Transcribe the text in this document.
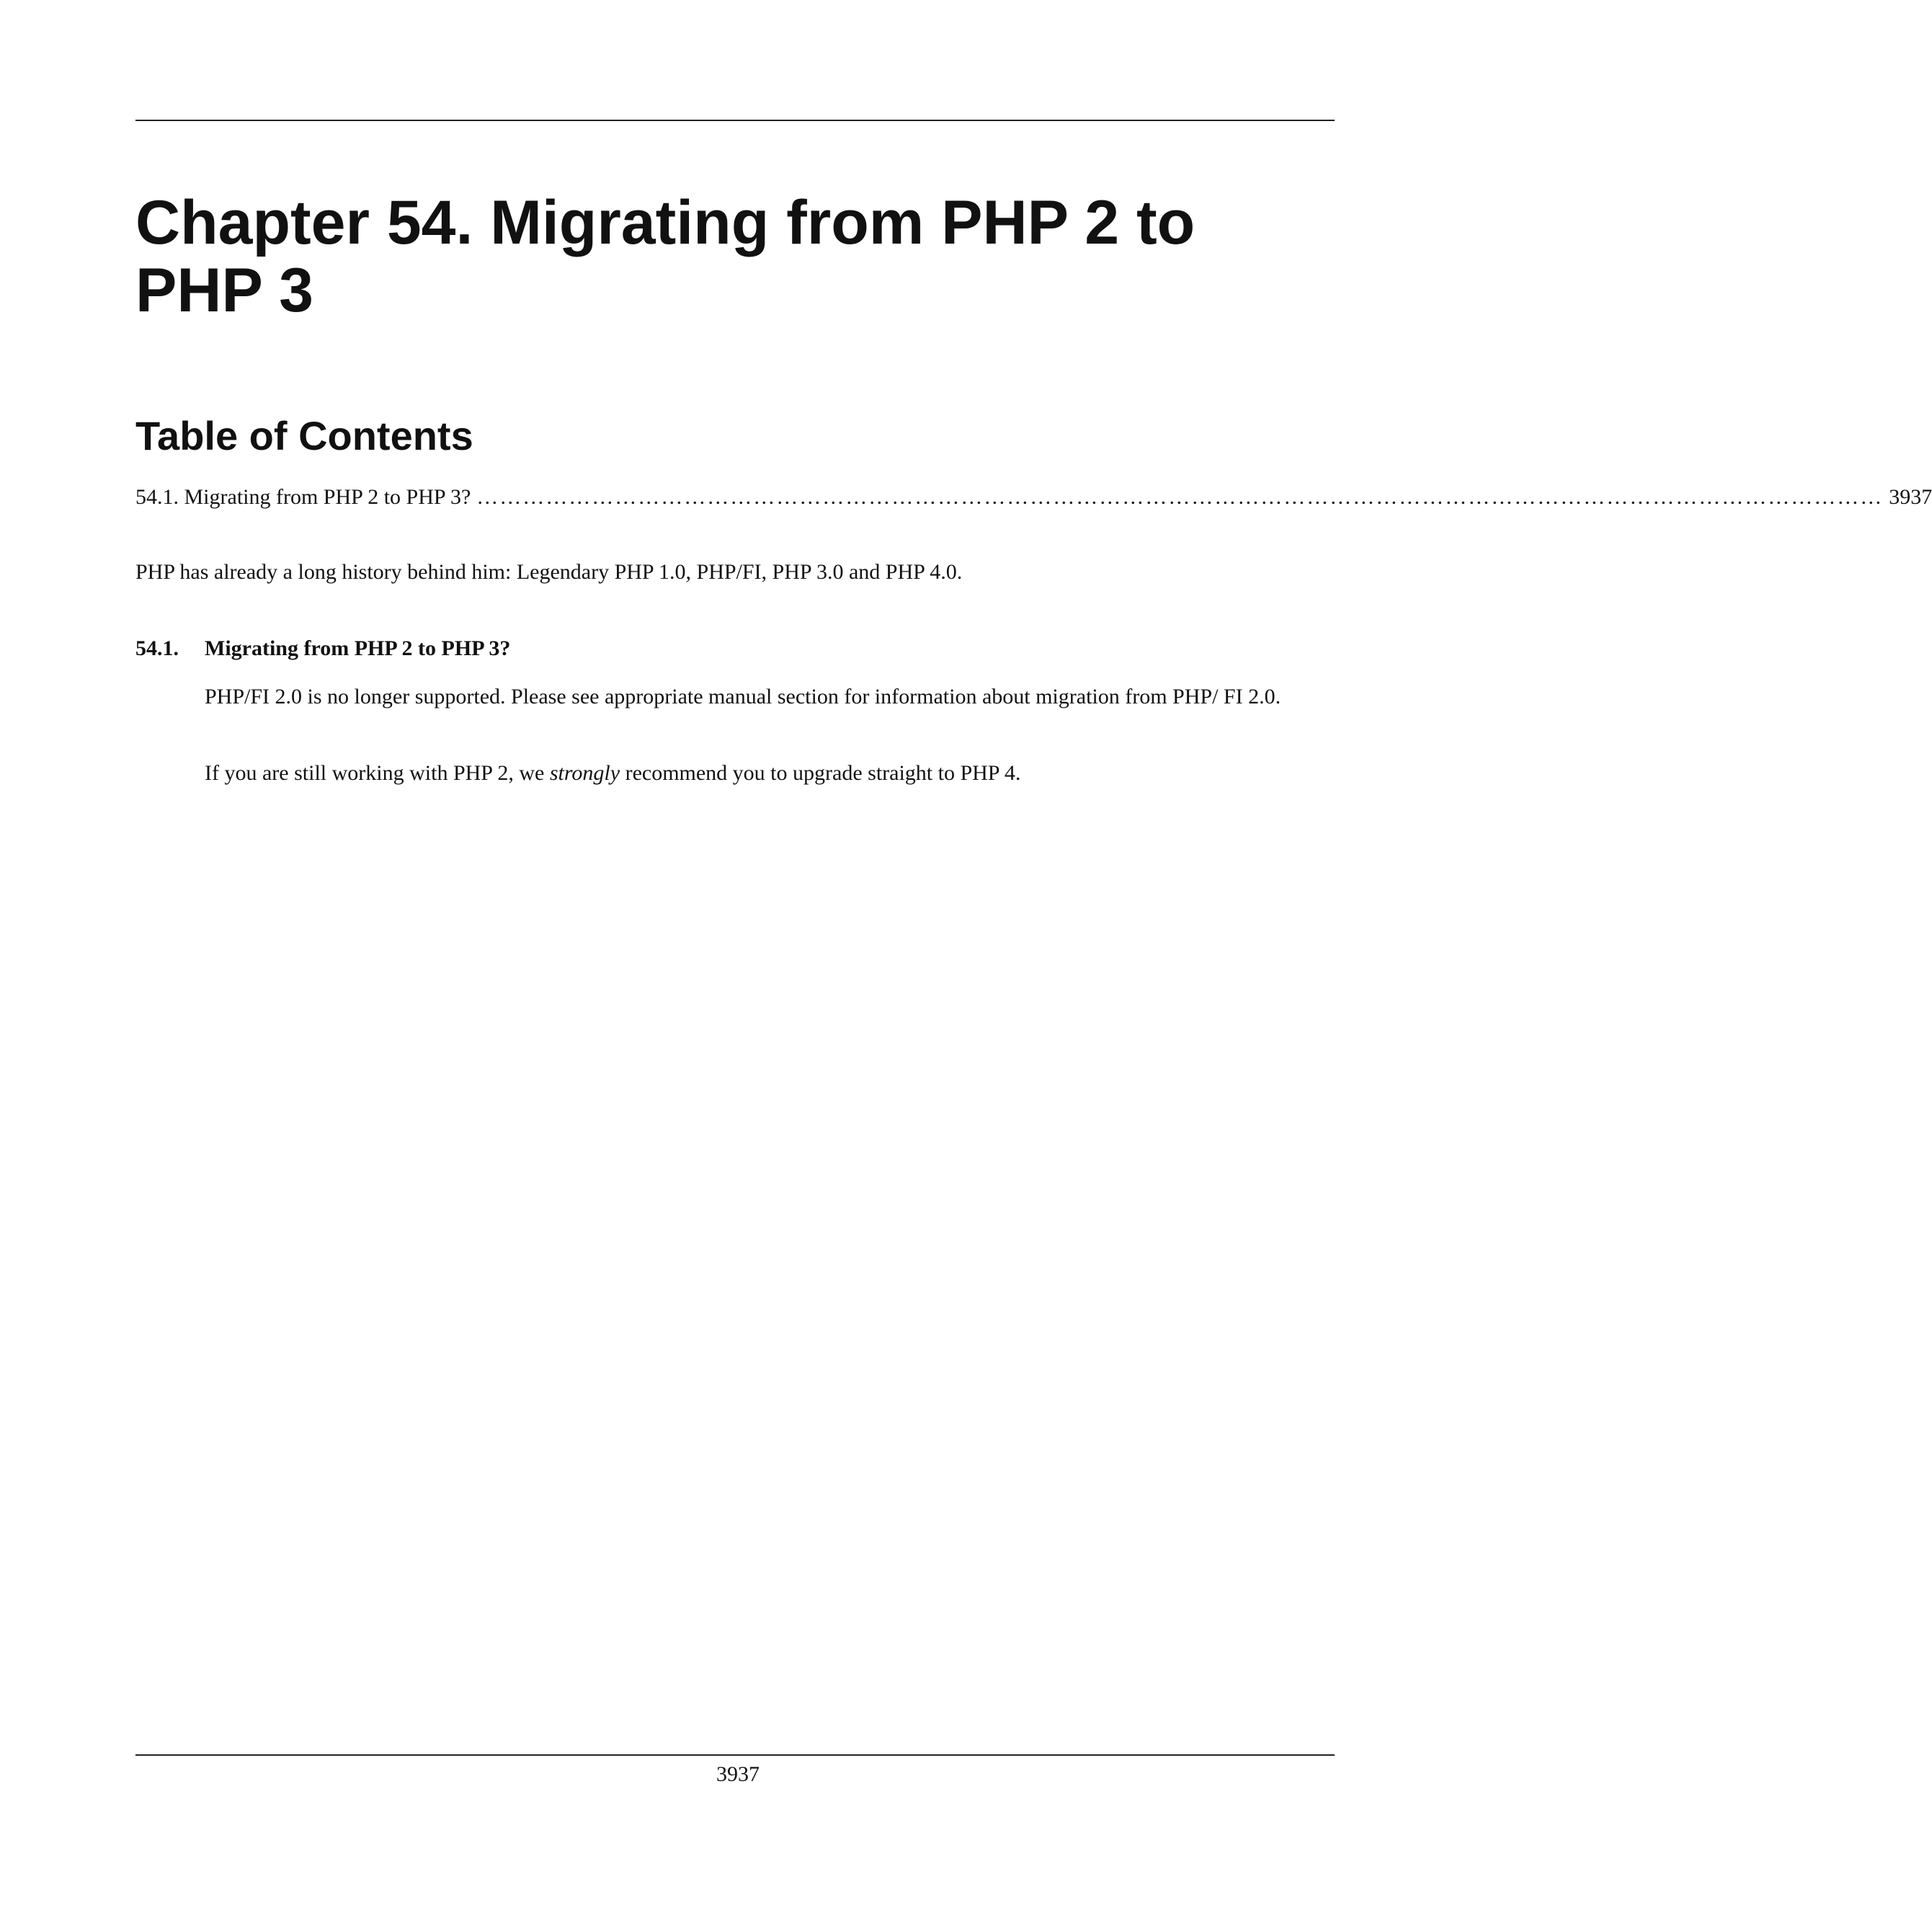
Chapter 54. Migrating from PHP 2 to PHP 3
Table of Contents
54.1. Migrating from PHP 2 to PHP 3? ………………………………………………………………………………………………………………………………………………………………… 3937

PHP has already a long history behind him: Legendary PHP 1.0, PHP/FI, PHP 3.0 and PHP 4.0.

54.1. Migrating from PHP 2 to PHP 3?

PHP/FI 2.0 is no longer supported. Please see appropriate manual section for information about migration from PHP/ FI 2.0.

If you are still working with PHP 2, we strongly recommend you to upgrade straight to PHP 4.

3937
